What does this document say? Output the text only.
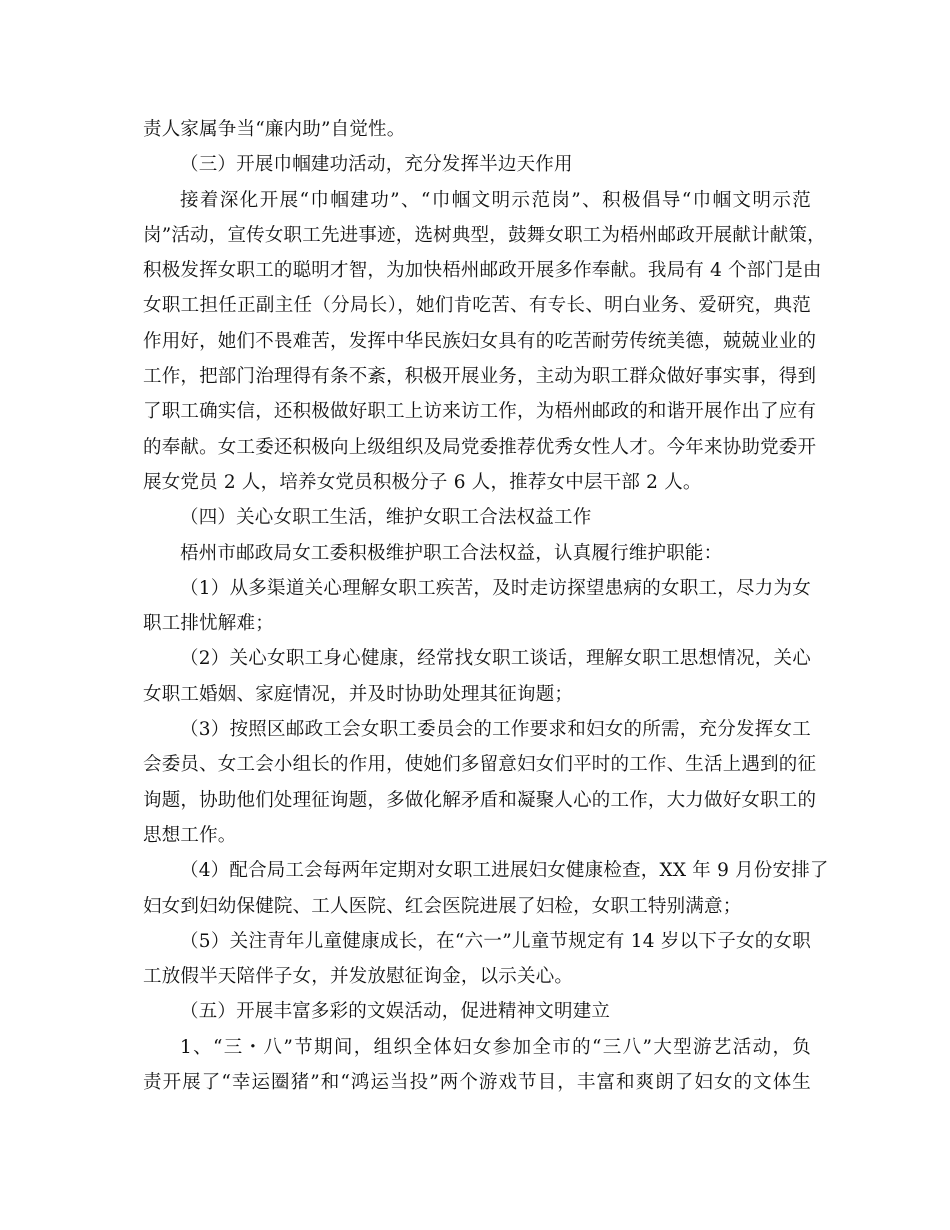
责人家属争当“廉内助”自觉性。
（三）开展巾帼建功活动，充分发挥半边天作用
接着深化开展“巾帼建功”、“巾帼文明示范岗”、积极倡导“巾帼文明示范
岗”活动，宣传女职工先进事迹，选树典型，鼓舞女职工为梧州邮政开展献计献策，
积极发挥女职工的聪明才智，为加快梧州邮政开展多作奉献。我局有 4 个部门是由
女职工担任正副主任（分局长），她们肯吃苦、有专长、明白业务、爱研究，典范
作用好，她们不畏难苦，发挥中华民族妇女具有的吃苦耐劳传统美德，兢兢业业的
工作，把部门治理得有条不紊，积极开展业务，主动为职工群众做好事实事，得到
了职工确实信，还积极做好职工上访来访工作，为梧州邮政的和谐开展作出了应有
的奉献。女工委还积极向上级组织及局党委推荐优秀女性人才。今年来协助党委开
展女党员 2 人，培养女党员积极分子 6 人，推荐女中层干部 2 人。
（四）关心女职工生活，维护女职工合法权益工作
梧州市邮政局女工委积极维护职工合法权益，认真履行维护职能：
（1）从多渠道关心理解女职工疾苦，及时走访探望患病的女职工，尽力为女
职工排忧解难；
（2）关心女职工身心健康，经常找女职工谈话，理解女职工思想情况，关心
女职工婚姻、家庭情况，并及时协助处理其征询题；
（3）按照区邮政工会女职工委员会的工作要求和妇女的所需，充分发挥女工
会委员、女工会小组长的作用，使她们多留意妇女们平时的工作、生活上遇到的征
询题，协助他们处理征询题，多做化解矛盾和凝聚人心的工作，大力做好女职工的
思想工作。
（4）配合局工会每两年定期对女职工进展妇女健康检查，XX 年 9 月份安排了
妇女到妇幼保健院、工人医院、红会医院进展了妇检，女职工特别满意；
（5）关注青年儿童健康成长，在“六一”儿童节规定有 14 岁以下子女的女职
工放假半天陪伴子女，并发放慰征询金，以示关心。
（五）开展丰富多彩的文娱活动，促进精神文明建立
1、“三・八”节期间，组织全体妇女参加全市的“三八”大型游艺活动，负
责开展了“幸运圈猪”和“鸿运当投”两个游戏节目，丰富和爽朗了妇女的文体生
